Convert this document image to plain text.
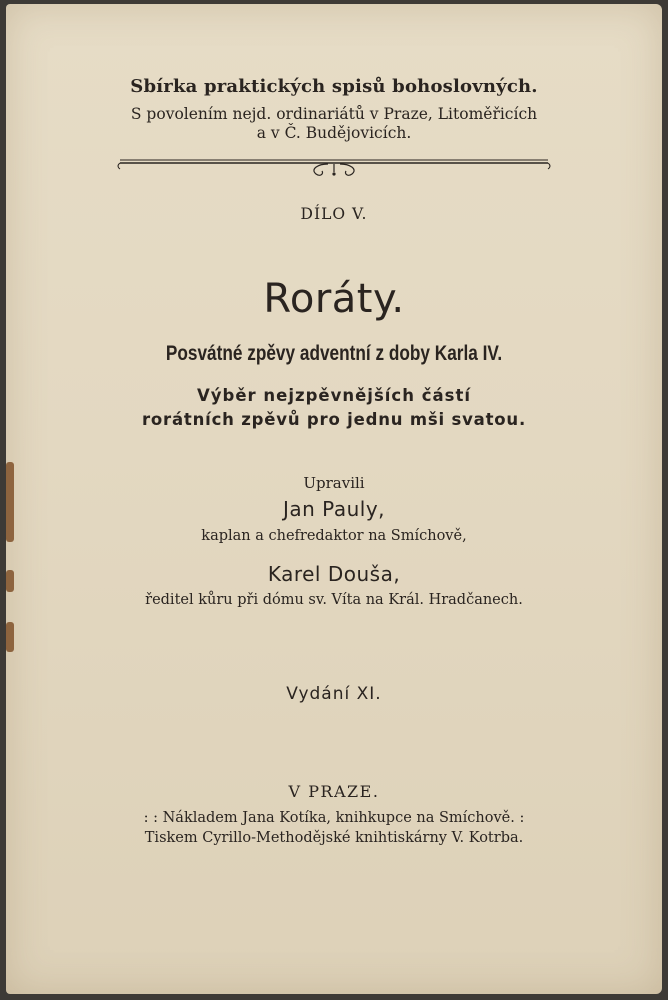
Sbírka praktických spisů bohoslovných.
S povolením nejd. ordinariátů v Praze, Litoměřicích
a v Č. Budějovicích.
DÍLO V.
Roráty.
Posvátné zpěvy adventní z doby Karla IV.
Výběr nejzpěvnějších částí
rorátních zpěvů pro jednu mši svatou.
Upravili
Jan Pauly,
kaplan a chefredaktor na Smíchově,
Karel Douša,
ředitel kůru při dómu sv. Víta na Král. Hradčanech.
Vydání XI.
V PRAZE.
: : Nákladem Jana Kotíka, knihkupce na Smíchově. :
Tiskem Cyrillo-Methodějské knihtiskárny V. Kotrba.
